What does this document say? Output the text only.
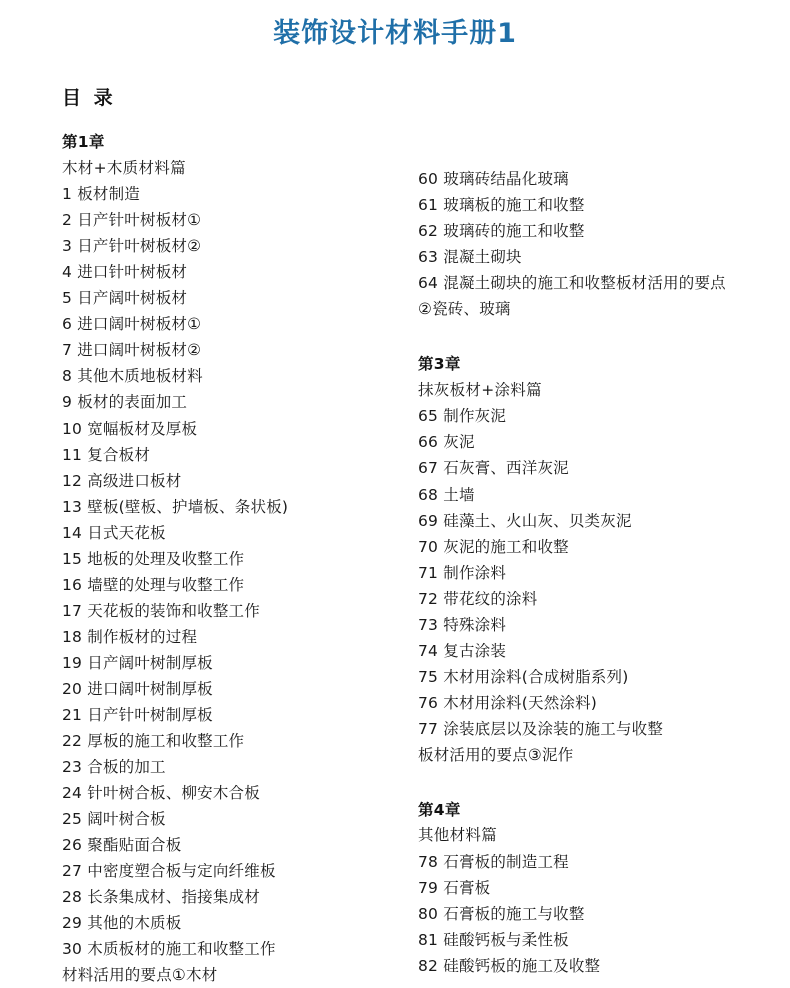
装饰设计材料手册1
目 录
第1章
木材+木质材料篇
1 板材制造
2 日产针叶树板材①
3 日产针叶树板材②
4 进口针叶树板材
5 日产阔叶树板材
6 进口阔叶树板材①
7 进口阔叶树板材②
8 其他木质地板材料
9 板材的表面加工
10 宽幅板材及厚板
11 复合板材
12 高级进口板材
13 壁板(壁板、护墙板、条状板)
14 日式天花板
15 地板的处理及收整工作
16 墙壁的处理与收整工作
17 天花板的装饰和收整工作
18 制作板材的过程
19 日产阔叶树制厚板
20 进口阔叶树制厚板
21 日产针叶树制厚板
22 厚板的施工和收整工作
23 合板的加工
24 针叶树合板、柳安木合板
25 阔叶树合板
26 聚酯贴面合板
27 中密度塑合板与定向纤维板
28 长条集成材、指接集成材
29 其他的木质板
30 木质板材的施工和收整工作
材料活用的要点①木材
60 玻璃砖结晶化玻璃
61 玻璃板的施工和收整
62 玻璃砖的施工和收整
63 混凝土砌块
64 混凝土砌块的施工和收整板材活用的要点
②瓷砖、玻璃
第3章
抹灰板材+涂料篇
65 制作灰泥
66 灰泥
67 石灰膏、西洋灰泥
68 土墙
69 硅藻土、火山灰、贝类灰泥
70 灰泥的施工和收整
71 制作涂料
72 带花纹的涂料
73 特殊涂料
74 复古涂装
75 木材用涂料(合成树脂系列)
76 木材用涂料(天然涂料)
77 涂装底层以及涂装的施工与收整
板材活用的要点③泥作
第4章
其他材料篇
78 石膏板的制造工程
79 石膏板
80 石膏板的施工与收整
81 硅酸钙板与柔性板
82 硅酸钙板的施工及收整
